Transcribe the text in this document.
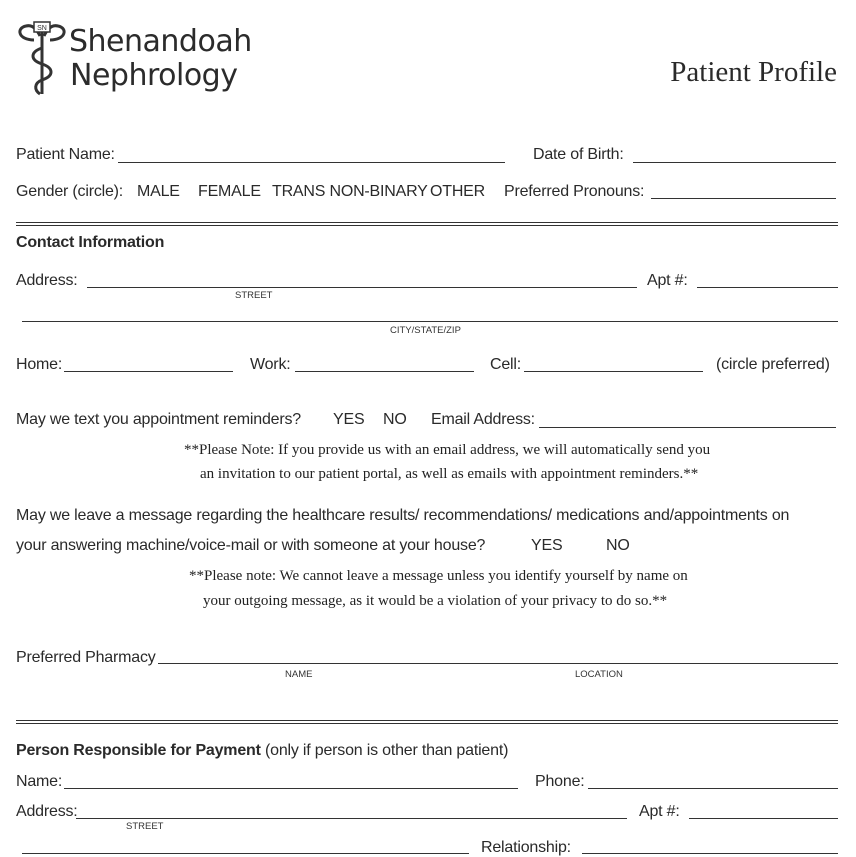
SN Shenandoah
Nephrology	Patient Profile
Patient Name:	Date of Birth:
Gender (circle): MALE FEMALE TRANS NON-BINARY OTHER Preferred Pronouns:
Contact Information
Address:
STREET
Apt #:
CITY/STATE/ZIP
Home:	Work:	Cell:	(circle preferred)
May we text you appointment reminders? YES NO Email Address:
**Please Note: If you provide us with an email address, we will automatically send you
an invitation to our patient portal, as well as emails with appointment reminders.**
May we leave a message regarding the healthcare results/ recommendations/ medications and/appointments on
your answering machine/voice-mail or with someone at your house?	YES	NO
**Please note: We cannot leave a message unless you identify yourself by name on
your outgoing message, as it would be a violation of your privacy to do so.**
Preferred Pharmacy
NAME	LOCATION
Person Responsible for Payment (only if person is other than patient)
Name:	Phone:
Address:
STREET
Apt #:
Relationship:
